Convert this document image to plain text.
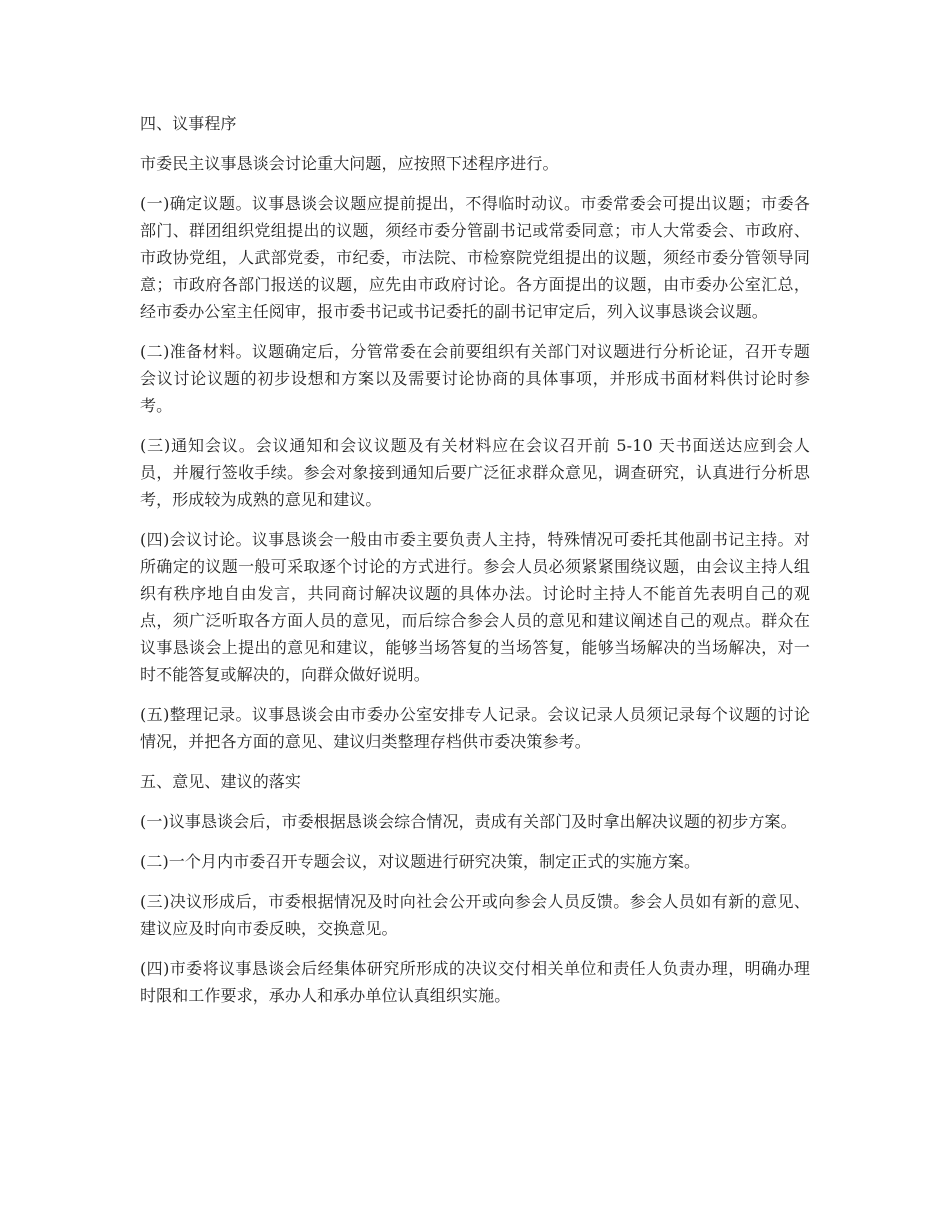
四、议事程序

市委民主议事恳谈会讨论重大问题，应按照下述程序进行。

(一)确定议题。议事恳谈会议题应提前提出，不得临时动议。市委常委会可提出议题；市委各部门、群团组织党组提出的议题，须经市委分管副书记或常委同意；市人大常委会、市政府、市政协党组，人武部党委，市纪委，市法院、市检察院党组提出的议题，须经市委分管领导同意；市政府各部门报送的议题，应先由市政府讨论。各方面提出的议题，由市委办公室汇总，经市委办公室主任阅审，报市委书记或书记委托的副书记审定后，列入议事恳谈会议题。

(二)准备材料。议题确定后，分管常委在会前要组织有关部门对议题进行分析论证，召开专题会议讨论议题的初步设想和方案以及需要讨论协商的具体事项，并形成书面材料供讨论时参考。

(三)通知会议。会议通知和会议议题及有关材料应在会议召开前 5-10 天书面送达应到会人员，并履行签收手续。参会对象接到通知后要广泛征求群众意见，调查研究，认真进行分析思考，形成较为成熟的意见和建议。

(四)会议讨论。议事恳谈会一般由市委主要负责人主持，特殊情况可委托其他副书记主持。对所确定的议题一般可采取逐个讨论的方式进行。参会人员必须紧紧围绕议题，由会议主持人组织有秩序地自由发言，共同商讨解决议题的具体办法。讨论时主持人不能首先表明自己的观点，须广泛听取各方面人员的意见，而后综合参会人员的意见和建议阐述自己的观点。群众在议事恳谈会上提出的意见和建议，能够当场答复的当场答复，能够当场解决的当场解决，对一时不能答复或解决的，向群众做好说明。

(五)整理记录。议事恳谈会由市委办公室安排专人记录。会议记录人员须记录每个议题的讨论情况，并把各方面的意见、建议归类整理存档供市委决策参考。

五、意见、建议的落实

(一)议事恳谈会后，市委根据恳谈会综合情况，责成有关部门及时拿出解决议题的初步方案。

(二)一个月内市委召开专题会议，对议题进行研究决策，制定正式的实施方案。

(三)决议形成后，市委根据情况及时向社会公开或向参会人员反馈。参会人员如有新的意见、建议应及时向市委反映，交换意见。

(四)市委将议事恳谈会后经集体研究所形成的决议交付相关单位和责任人负责办理，明确办理时限和工作要求，承办人和承办单位认真组织实施。
